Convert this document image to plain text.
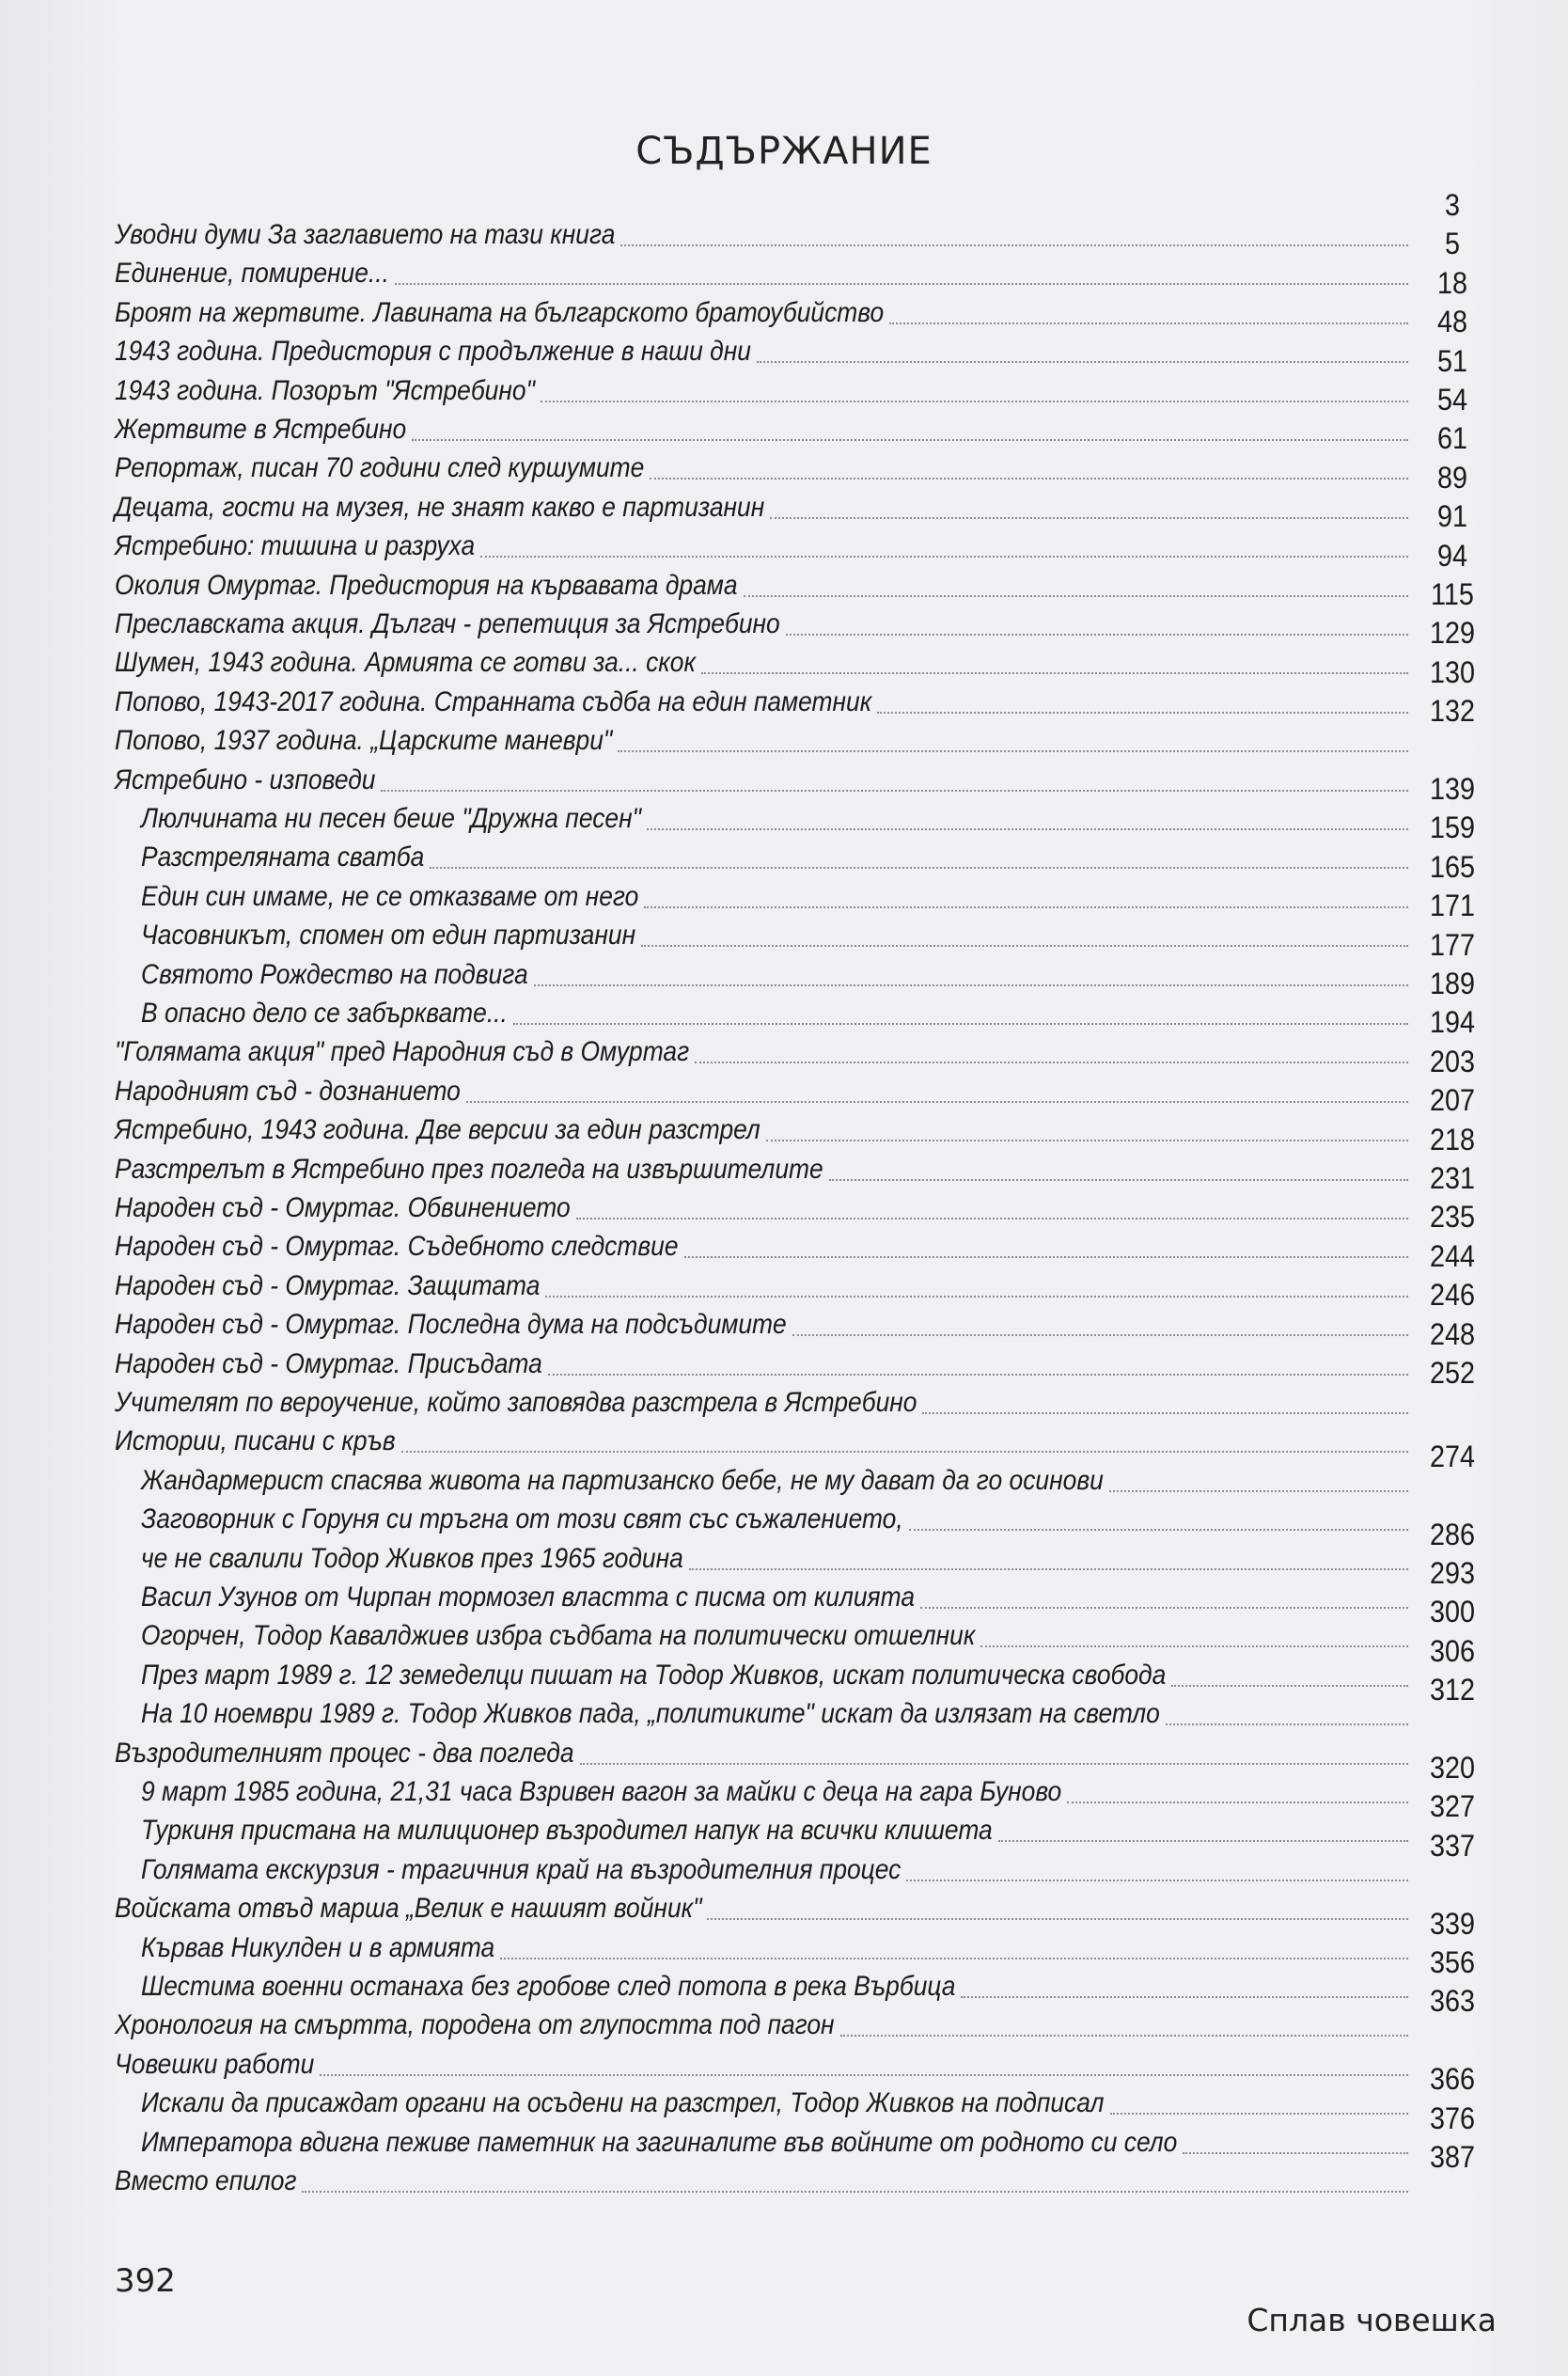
СЪДЪРЖАНИЕ
Уводни думи За заглавието на тази книга
Единение, помирение...
Броят на жертвите. Лавината на българското братоубийство
1943 година. Предистория с продължение в наши дни
1943 година. Позорът "Ястребино"
Жертвите в Ястребино
Репортаж, писан 70 години след куршумите
Децата, гости на музея, не знаят какво е партизанин
Ястребино: тишина и разруха
Околия Омуртаг. Предистория на кървавата драма
Преславската акция. Дългач - репетиция за Ястребино
Шумен, 1943 година. Армията се готви за... скок
Попово, 1943-2017 година. Странната съдба на един паметник
Попово, 1937 година. „Царските маневри"
Ястребино - изповеди
Люлчината ни песен беше "Дружна песен"
Разстреляната сватба
Един син имаме, не се отказваме от него
Часовникът, спомен от един партизанин
Святото Рождество на подвига
В опасно дело се забърквате...
"Голямата акция" пред Народния съд в Омуртаг
Народният съд - дознанието
Ястребино, 1943 година. Две версии за един разстрел
Разстрелът в Ястребино през погледа на извършителите
Народен съд - Омуртаг. Обвинението
Народен съд - Омуртаг. Съдебното следствие
Народен съд - Омуртаг. Защитата
Народен съд - Омуртаг. Последна дума на подсъдимите
Народен съд - Омуртаг. Присъдата
Учителят по вероучение, който заповядва разстрела в Ястребино
Истории, писани с кръв
Жандармерист спасява живота на партизанско бебе, не му дават да го осинови
Заговорник с Горуня си тръгна от този свят със съжалението,
че не свалили Тодор Живков през 1965 година
Васил Узунов от Чирпан тормозел властта с писма от килията
Огорчен, Тодор Кавалджиев избра съдбата на политически отшелник
През март 1989 г. 12 земеделци пишат на Тодор Живков, искат политическа свобода
На 10 ноември 1989 г. Тодор Живков пада, „политиките" искат да излязат на светло
Възродителният процес - два погледа
9 март 1985 година, 21,31 часа Взривен вагон за майки с деца на гара Буново
Туркиня пристана на милиционер възродител напук на всички клишета
Голямата екскурзия - трагичния край на възродителния процес
Войската отвъд марша „Велик е нашият войник"
Кървав Никулден и в армията
Шестима военни останаха без гробове след потопа в река Върбица
Хронология на смъртта, породена от глупостта под пагон
Човешки работи
Искали да присаждат органи на осъдени на разстрел, Тодор Живков на подписал
Императора вдигна пеживе паметник на загиналите във войните от родното си село
Вместо епилог
3
5
18
48
51
54
61
89
91
94
115
129
130
132
139
159
165
171
177
189
194
203
207
218
231
235
244
246
248
252
274
286
293
300
306
312
320
327
337
339
356
363
366
376
387
392
Сплав човешка
